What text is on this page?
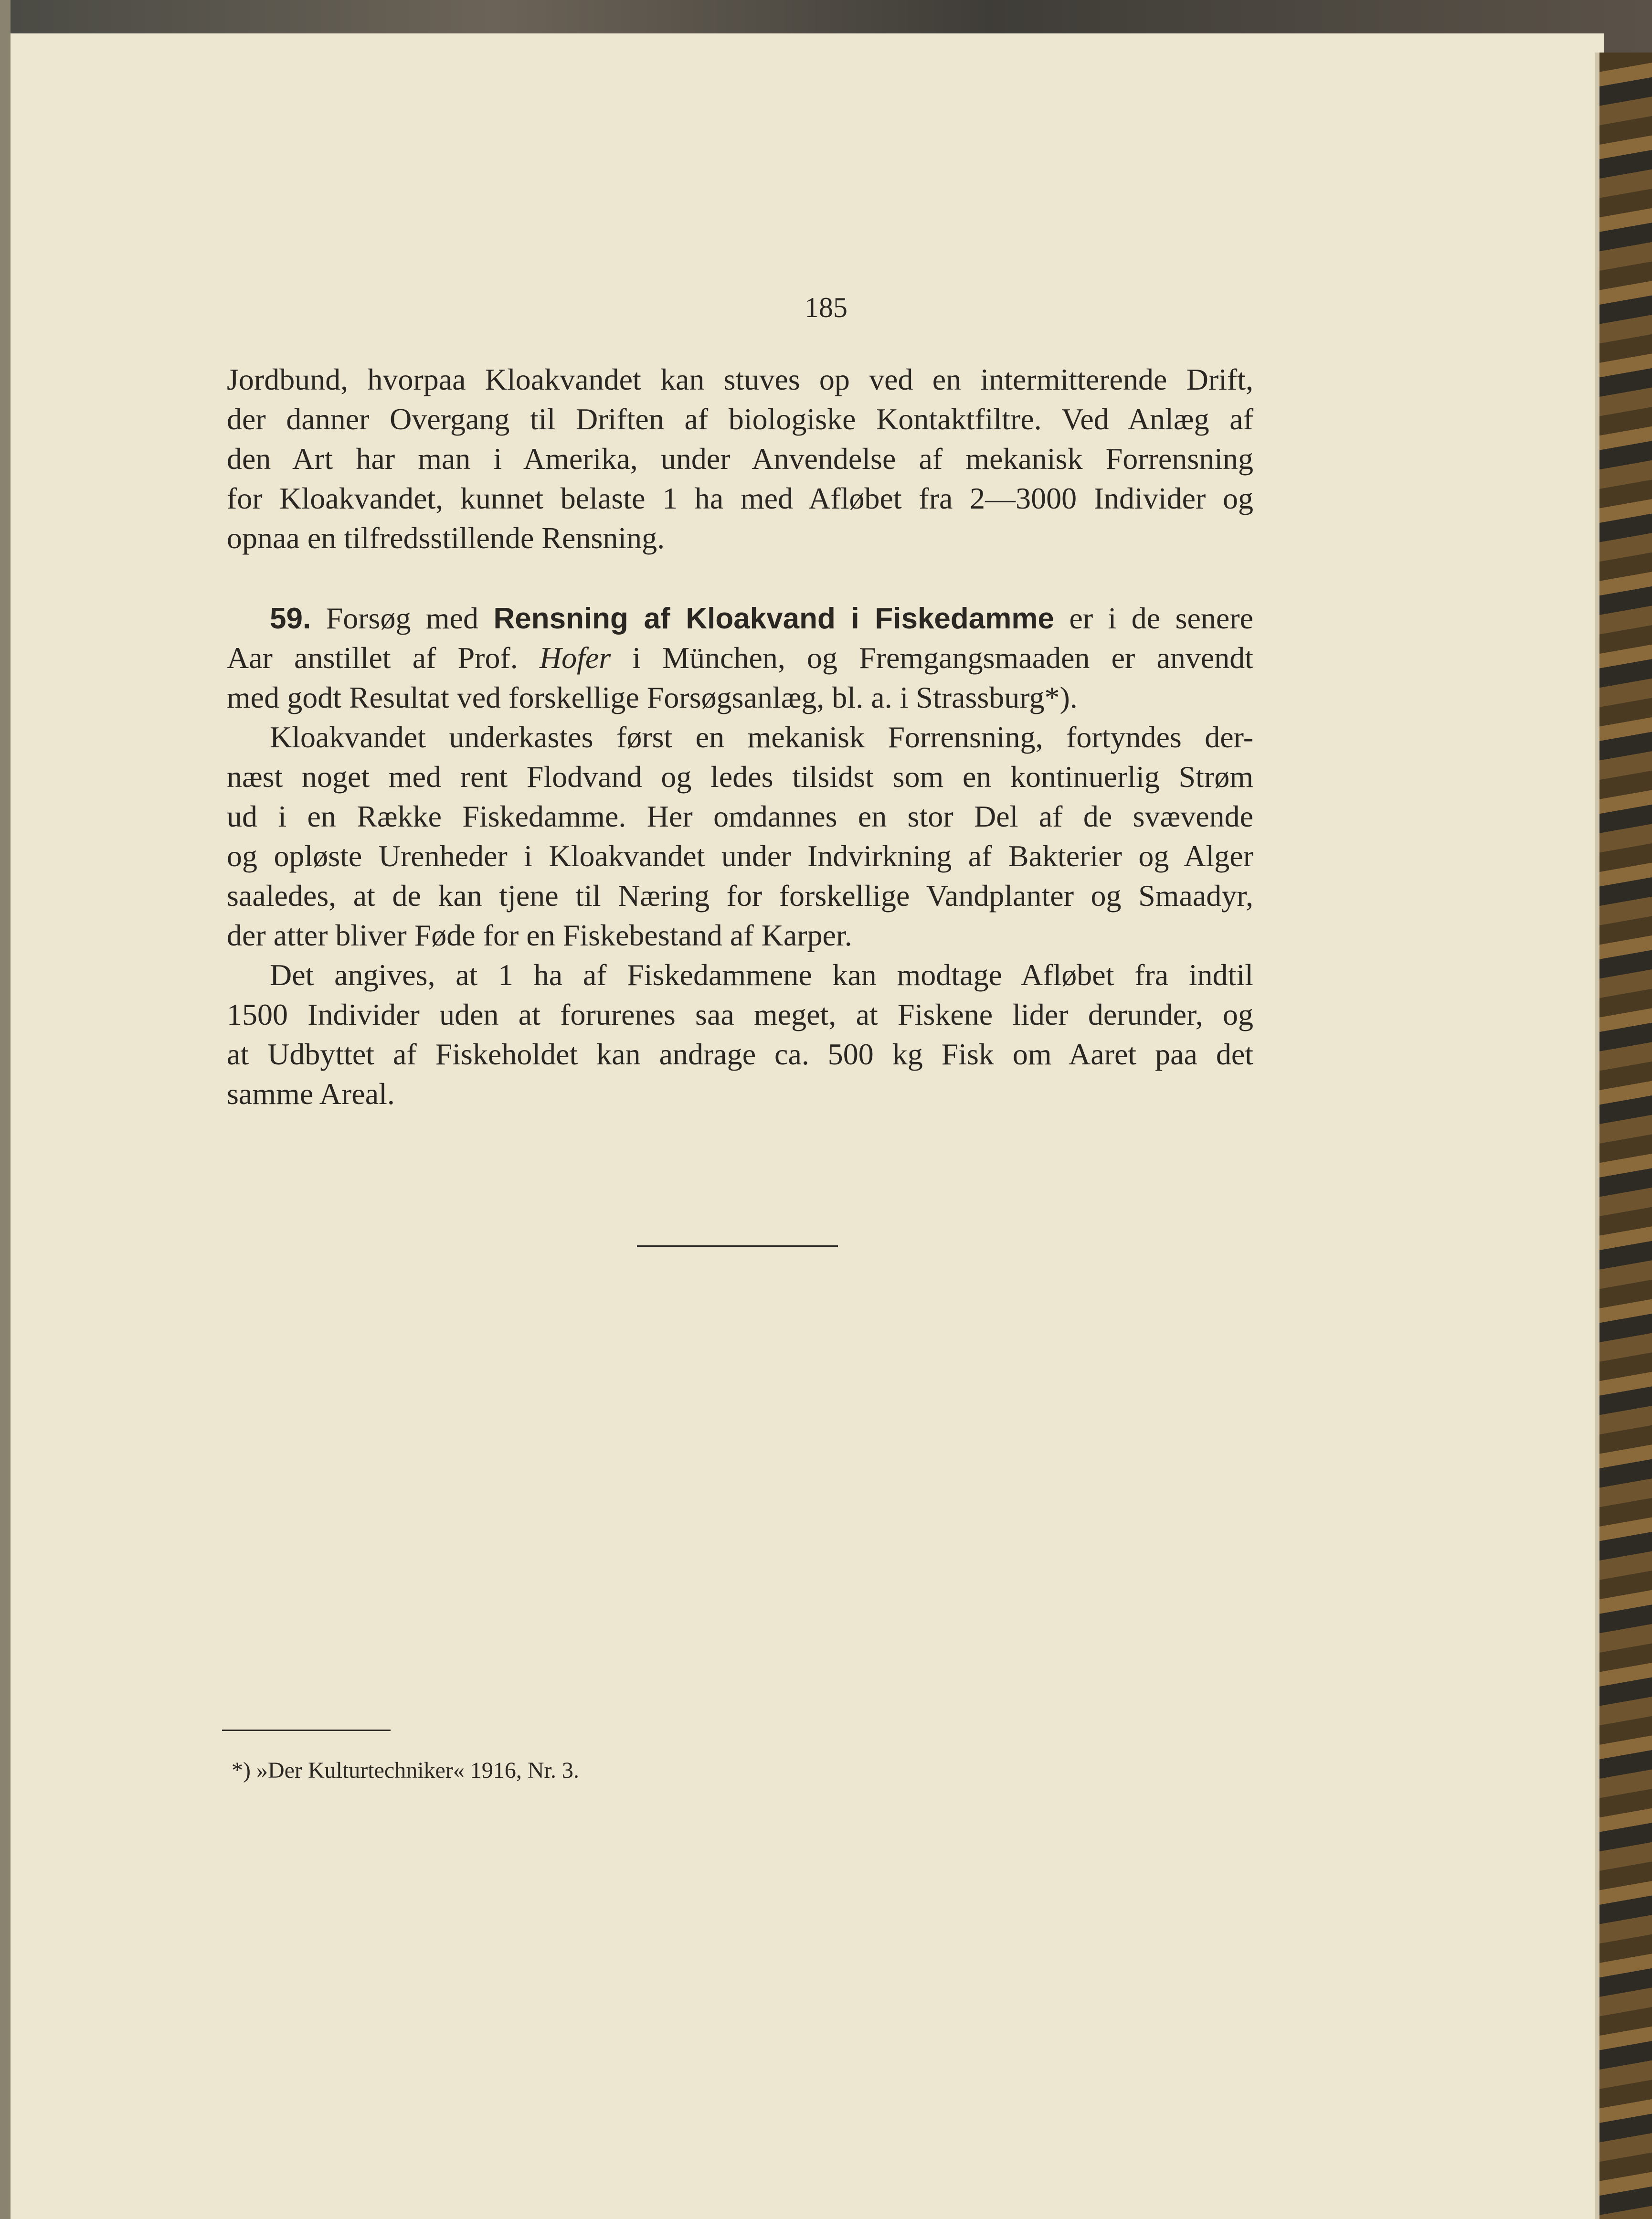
185
Jordbund, hvorpaa Kloakvandet kan stuves op ved en intermitterende Drift,
der danner Overgang til Driften af biologiske Kontaktfiltre. Ved Anlæg af
den Art har man i Amerika, under Anvendelse af mekanisk Forrensning
for Kloakvandet, kunnet belaste 1 ha med Afløbet fra 2—3000 Individer og
opnaa en tilfredsstillende Rensning.
59. Forsøg med Rensning af Kloakvand i Fiskedamme er i de senere
Aar anstillet af Prof. Hofer i München, og Fremgangsmaaden er anvendt
med godt Resultat ved forskellige Forsøgsanlæg, bl. a. i Strassburg*).
Kloakvandet underkastes først en mekanisk Forrensning, fortyndes der-
næst noget med rent Flodvand og ledes tilsidst som en kontinuerlig Strøm
ud i en Række Fiskedamme. Her omdannes en stor Del af de svævende
og opløste Urenheder i Kloakvandet under Indvirkning af Bakterier og Alger
saaledes, at de kan tjene til Næring for forskellige Vandplanter og Smaadyr,
der atter bliver Føde for en Fiskebestand af Karper.
Det angives, at 1 ha af Fiskedammene kan modtage Afløbet fra indtil
1500 Individer uden at forurenes saa meget, at Fiskene lider derunder, og
at Udbyttet af Fiskeholdet kan andrage ca. 500 kg Fisk om Aaret paa det
samme Areal.
*) »Der Kulturtechniker« 1916, Nr. 3.
